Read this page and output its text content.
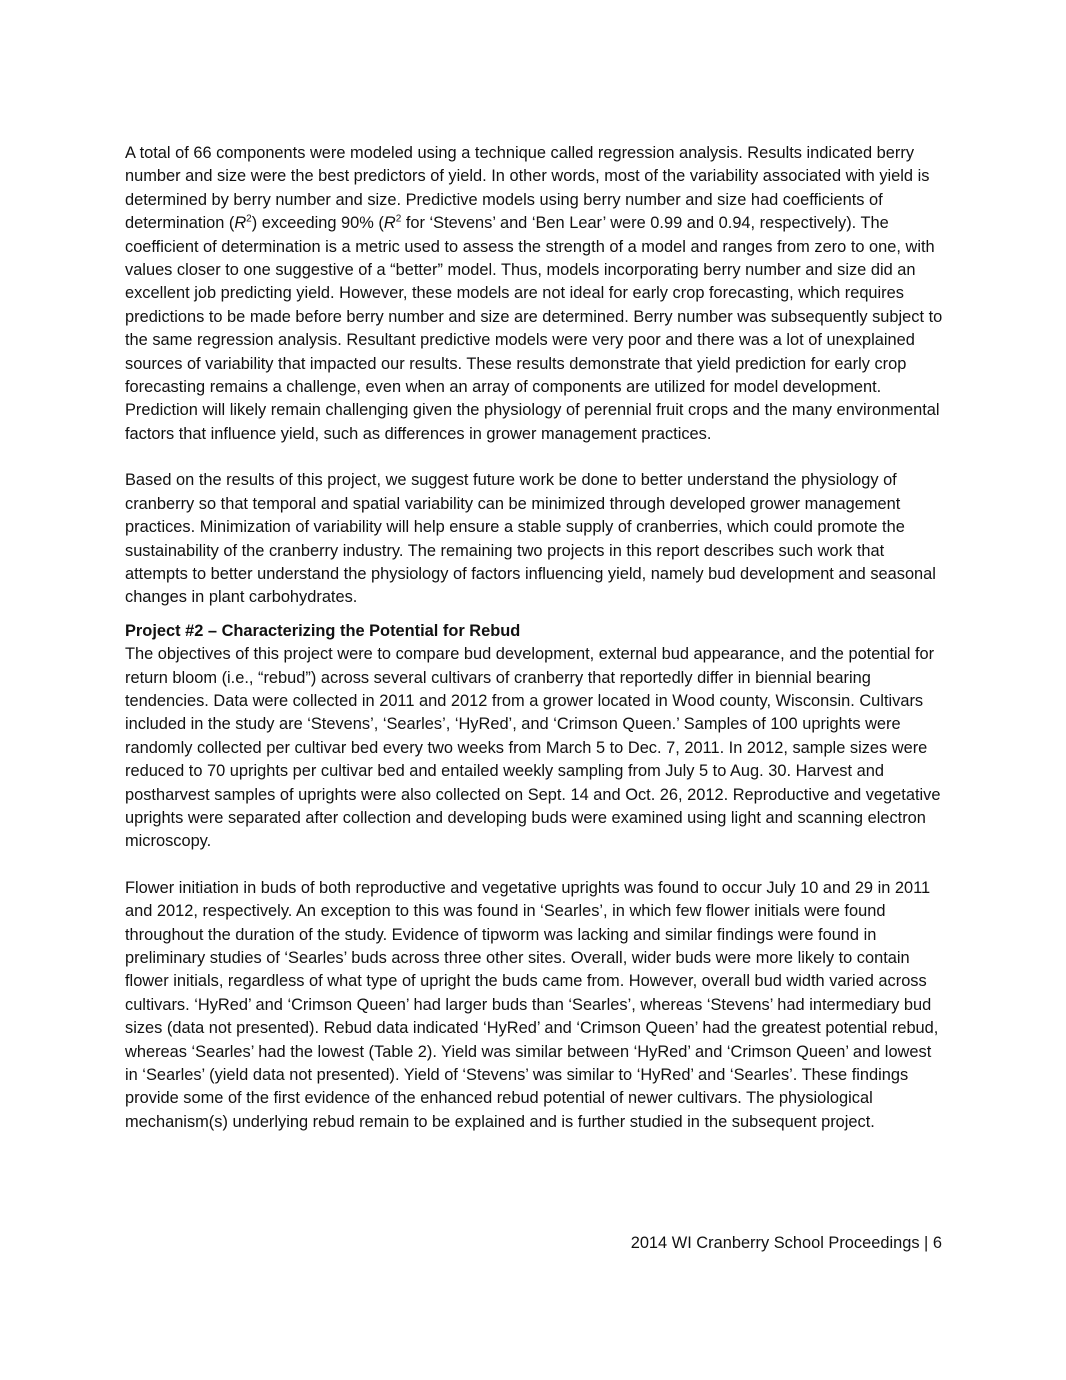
A total of 66 components were modeled using a technique called regression analysis. Results indicated berry number and size were the best predictors of yield. In other words, most of the variability associated with yield is determined by berry number and size. Predictive models using berry number and size had coefficients of determination $(R^2)$ exceeding 90% ($R^2$ for ‘Stevens’ and ‘Ben Lear’ were 0.99 and 0.94, respectively). The coefficient of determination is a metric used to assess the strength of a model and ranges from zero to one, with values closer to one suggestive of a “better” model. Thus, models incorporating berry number and size did an excellent job predicting yield. However, these models are not ideal for early crop forecasting, which requires predictions to be made before berry number and size are determined. Berry number was subsequently subject to the same regression analysis. Resultant predictive models were very poor and there was a lot of unexplained sources of variability that impacted our results. These results demonstrate that yield prediction for early crop forecasting remains a challenge, even when an array of components are utilized for model development. Prediction will likely remain challenging given the physiology of perennial fruit crops and the many environmental factors that influence yield, such as differences in grower management practices.

Based on the results of this project, we suggest future work be done to better understand the physiology of cranberry so that temporal and spatial variability can be minimized through developed grower management practices. Minimization of variability will help ensure a stable supply of cranberries, which could promote the sustainability of the cranberry industry. The remaining two projects in this report describes such work that attempts to better understand the physiology of factors influencing yield, namely bud development and seasonal changes in plant carbohydrates.

Project #2 – Characterizing the Potential for Rebud

The objectives of this project were to compare bud development, external bud appearance, and the potential for return bloom (i.e., “rebud”) across several cultivars of cranberry that reportedly differ in biennial bearing tendencies. Data were collected in 2011 and 2012 from a grower located in Wood county, Wisconsin. Cultivars included in the study are ‘Stevens’, ‘Searles’, ‘HyRed’, and ‘Crimson Queen.’ Samples of 100 uprights were randomly collected per cultivar bed every two weeks from March 5 to Dec. 7, 2011. In 2012, sample sizes were reduced to 70 uprights per cultivar bed and entailed weekly sampling from July 5 to Aug. 30. Harvest and postharvest samples of uprights were also collected on Sept. 14 and Oct. 26, 2012. Reproductive and vegetative uprights were separated after collection and developing buds were examined using light and scanning electron microscopy.

Flower initiation in buds of both reproductive and vegetative uprights was found to occur July 10 and 29 in 2011 and 2012, respectively. An exception to this was found in ‘Searles’, in which few flower initials were found throughout the duration of the study. Evidence of tipworm was lacking and similar findings were found in preliminary studies of ‘Searles’ buds across three other sites. Overall, wider buds were more likely to contain flower initials, regardless of what type of upright the buds came from. However, overall bud width varied across cultivars. ‘HyRed’ and ‘Crimson Queen’ had larger buds than ‘Searles’, whereas ‘Stevens’ had intermediary bud sizes (data not presented). Rebud data indicated ‘HyRed’ and ‘Crimson Queen’ had the greatest potential rebud, whereas ‘Searles’ had the lowest (Table 2). Yield was similar between ‘HyRed’ and ‘Crimson Queen’ and lowest in ‘Searles’ (yield data not presented). Yield of ‘Stevens’ was similar to ‘HyRed’ and ‘Searles’. These findings provide some of the first evidence of the enhanced rebud potential of newer cultivars. The physiological mechanism(s) underlying rebud remain to be explained and is further studied in the subsequent project.

2014 WI Cranberry School Proceedings | 6
